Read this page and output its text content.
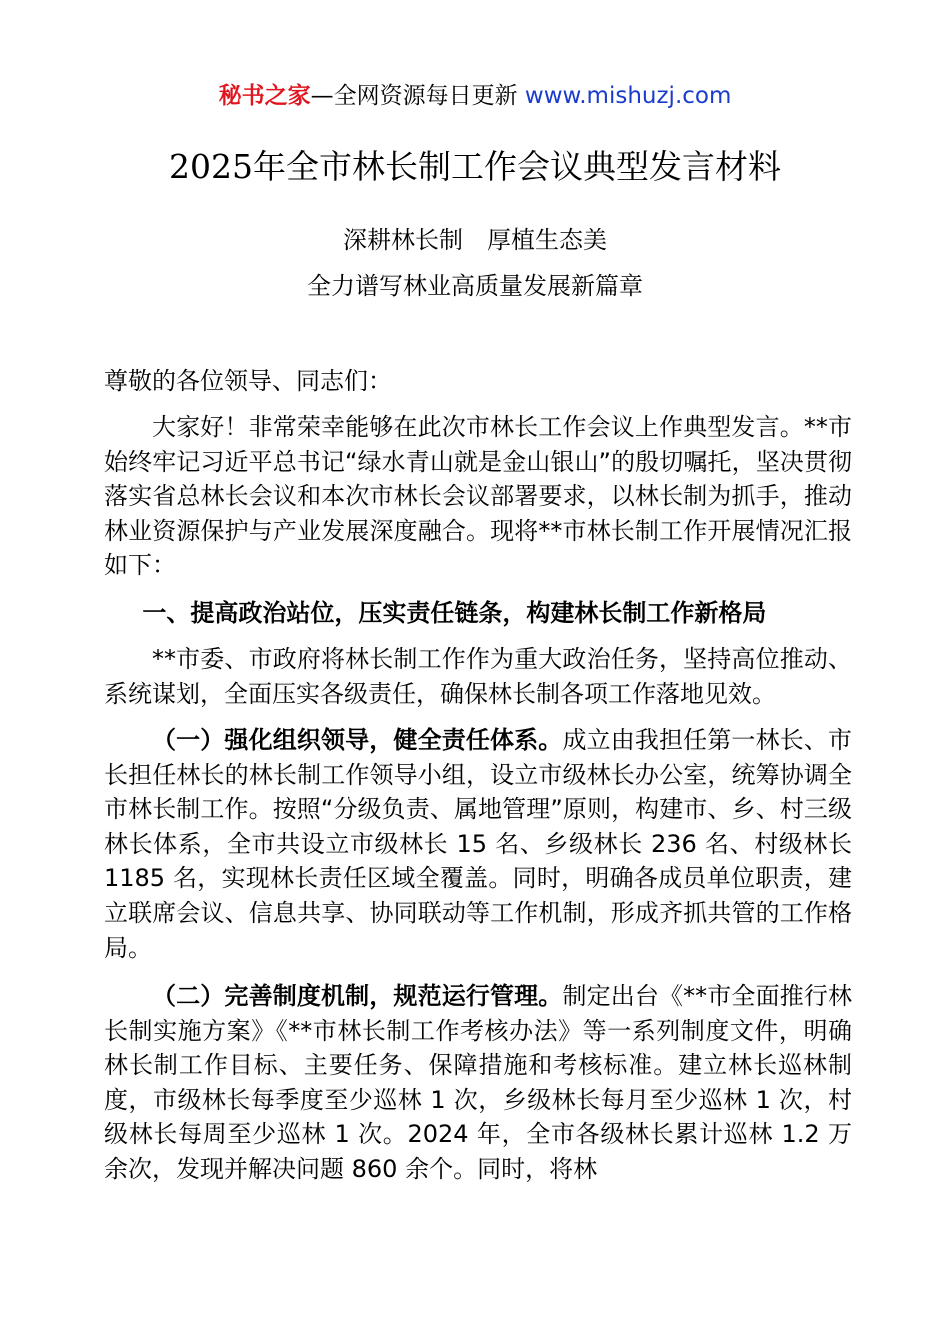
秘书之家—全网资源每日更新 www.mishuzj.com
2025年全市林长制工作会议典型发言材料
深耕林长制　厚植生态美
全力谱写林业高质量发展新篇章
尊敬的各位领导、同志们：
大家好！非常荣幸能够在此次市林长工作会议上作典型发言。**市始终牢记习近平总书记“绿水青山就是金山银山”的殷切嘱托，坚决贯彻落实省总林长会议和本次市林长会议部署要求，以林长制为抓手，推动林业资源保护与产业发展深度融合。现将**市林长制工作开展情况汇报如下：
一、提高政治站位，压实责任链条，构建林长制工作新格局
**市委、市政府将林长制工作作为重大政治任务，坚持高位推动、系统谋划，全面压实各级责任，确保林长制各项工作落地见效。
（一）强化组织领导，健全责任体系。成立由我担任第一林长、市长担任林长的林长制工作领导小组，设立市级林长办公室，统筹协调全市林长制工作。按照“分级负责、属地管理”原则，构建市、乡、村三级林长体系，全市共设立市级林长 15 名、乡级林长 236 名、村级林长 1185 名，实现林长责任区域全覆盖。同时，明确各成员单位职责，建立联席会议、信息共享、协同联动等工作机制，形成齐抓共管的工作格局。
（二）完善制度机制，规范运行管理。制定出台《**市全面推行林长制实施方案》《**市林长制工作考核办法》等一系列制度文件，明确林长制工作目标、主要任务、保障措施和考核标准。建立林长巡林制度，市级林长每季度至少巡林 1 次，乡级林长每月至少巡林 1 次，村级林长每周至少巡林 1 次。2024 年，全市各级林长累计巡林 1.2 万余次，发现并解决问题 860 余个。同时，将林
